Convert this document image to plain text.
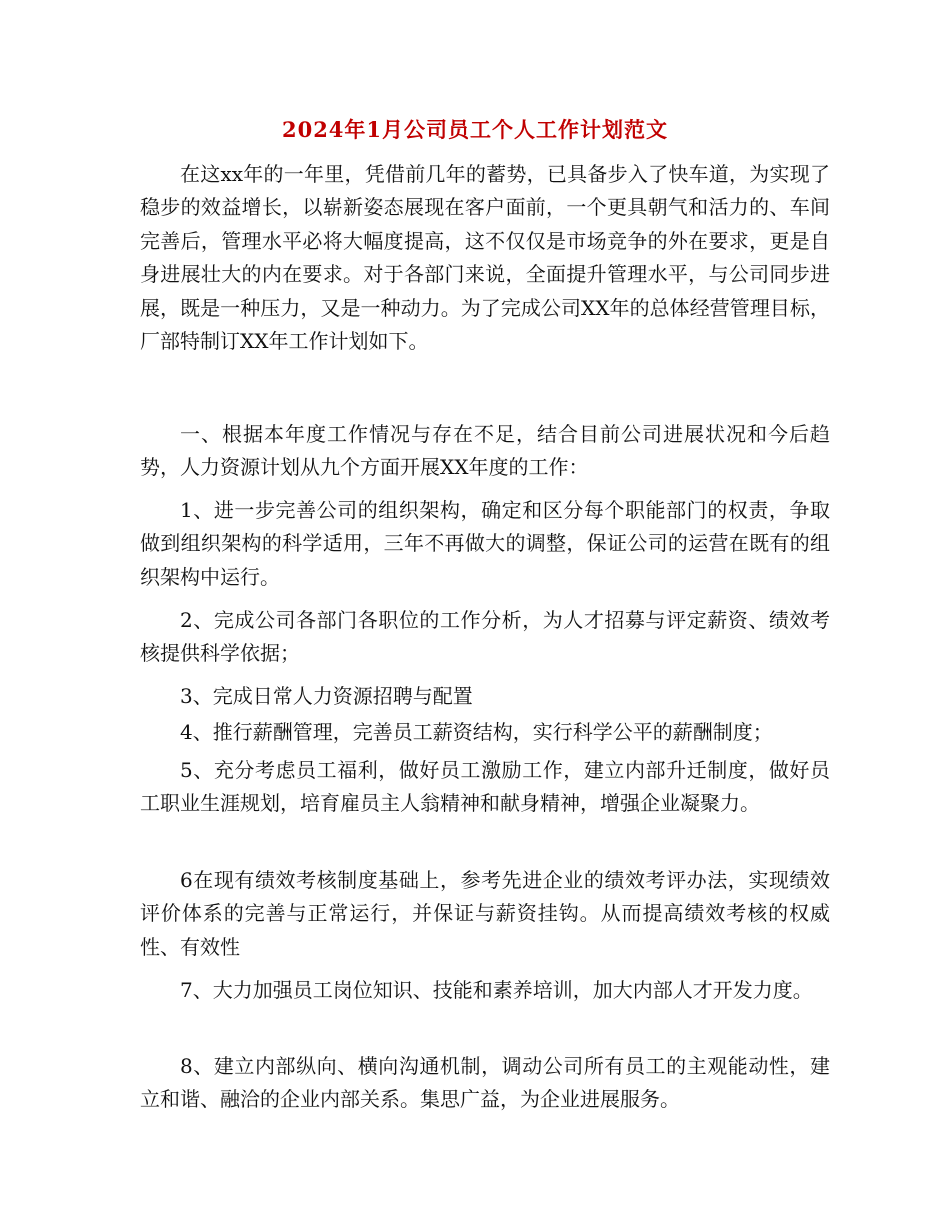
2024年1月公司员工个人工作计划范文

在这xx年的一年里，凭借前几年的蓄势，已具备步入了快车道，为实现了稳步的效益增长，以崭新姿态展现在客户面前，一个更具朝气和活力的、车间完善后，管理水平必将大幅度提高，这不仅仅是市场竞争的外在要求，更是自身进展壮大的内在要求。对于各部门来说，全面提升管理水平，与公司同步进展，既是一种压力，又是一种动力。为了完成公司XX年的总体经营管理目标，厂部特制订XX年工作计划如下。

一、根据本年度工作情况与存在不足，结合目前公司进展状况和今后趋势，人力资源计划从九个方面开展XX年度的工作：

1、进一步完善公司的组织架构，确定和区分每个职能部门的权责，争取做到组织架构的科学适用，三年不再做大的调整，保证公司的运营在既有的组织架构中运行。

2、完成公司各部门各职位的工作分析，为人才招募与评定薪资、绩效考核提供科学依据；

3、完成日常人力资源招聘与配置

4、推行薪酬管理，完善员工薪资结构，实行科学公平的薪酬制度；

5、充分考虑员工福利，做好员工激励工作，建立内部升迁制度，做好员工职业生涯规划，培育雇员主人翁精神和献身精神，增强企业凝聚力。

6在现有绩效考核制度基础上，参考先进企业的绩效考评办法，实现绩效评价体系的完善与正常运行，并保证与薪资挂钩。从而提高绩效考核的权威性、有效性

7、大力加强员工岗位知识、技能和素养培训，加大内部人才开发力度。

8、建立内部纵向、横向沟通机制，调动公司所有员工的主观能动性，建立和谐、融洽的企业内部关系。集思广益，为企业进展服务。
